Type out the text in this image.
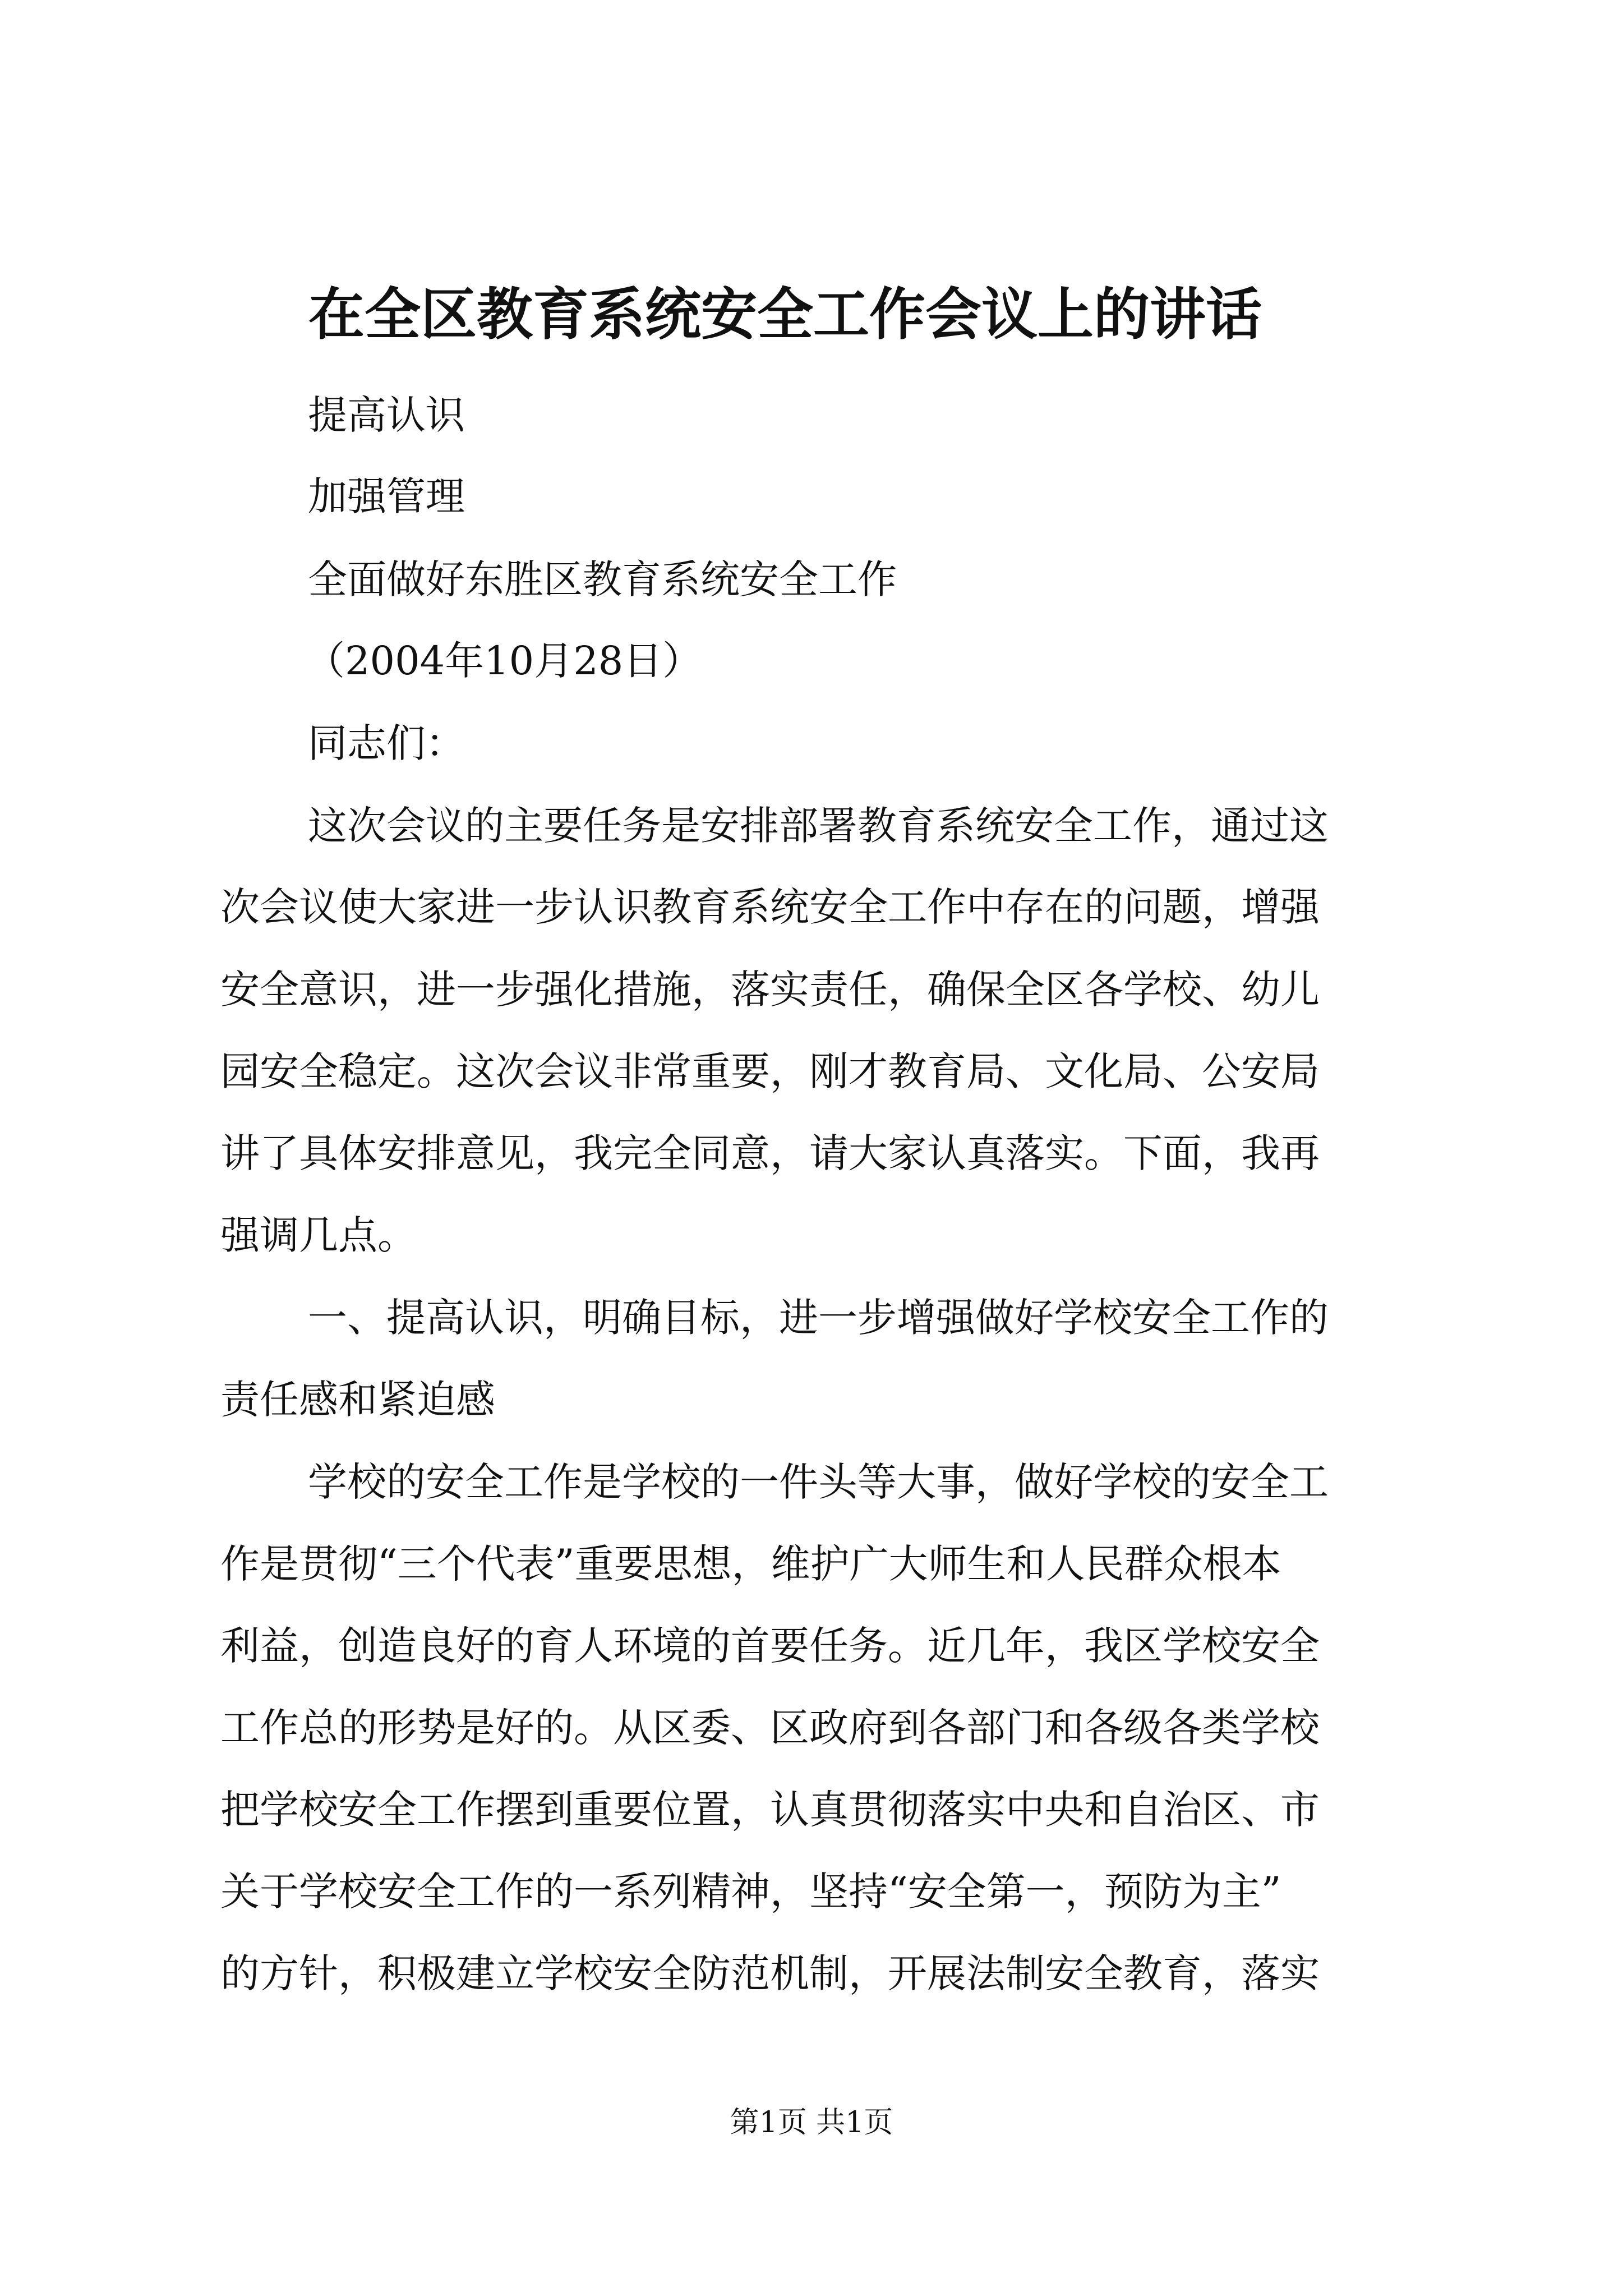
在全区教育系统安全工作会议上的讲话
提高认识
加强管理
全面做好东胜区教育系统安全工作
（2004年10月28日）
同志们：
这次会议的主要任务是安排部署教育系统安全工作，通过这
次会议使大家进一步认识教育系统安全工作中存在的问题，增强
安全意识，进一步强化措施，落实责任，确保全区各学校、幼儿
园安全稳定。这次会议非常重要，刚才教育局、文化局、公安局
讲了具体安排意见，我完全同意，请大家认真落实。下面，我再
强调几点。
一、提高认识，明确目标，进一步增强做好学校安全工作的
责任感和紧迫感
学校的安全工作是学校的一件头等大事，做好学校的安全工
作是贯彻“三个代表”重要思想，维护广大师生和人民群众根本
利益，创造良好的育人环境的首要任务。近几年，我区学校安全
工作总的形势是好的。从区委、区政府到各部门和各级各类学校
把学校安全工作摆到重要位置，认真贯彻落实中央和自治区、市
关于学校安全工作的一系列精神，坚持“安全第一，预防为主”
的方针，积极建立学校安全防范机制，开展法制安全教育，落实
第1页 共1页
